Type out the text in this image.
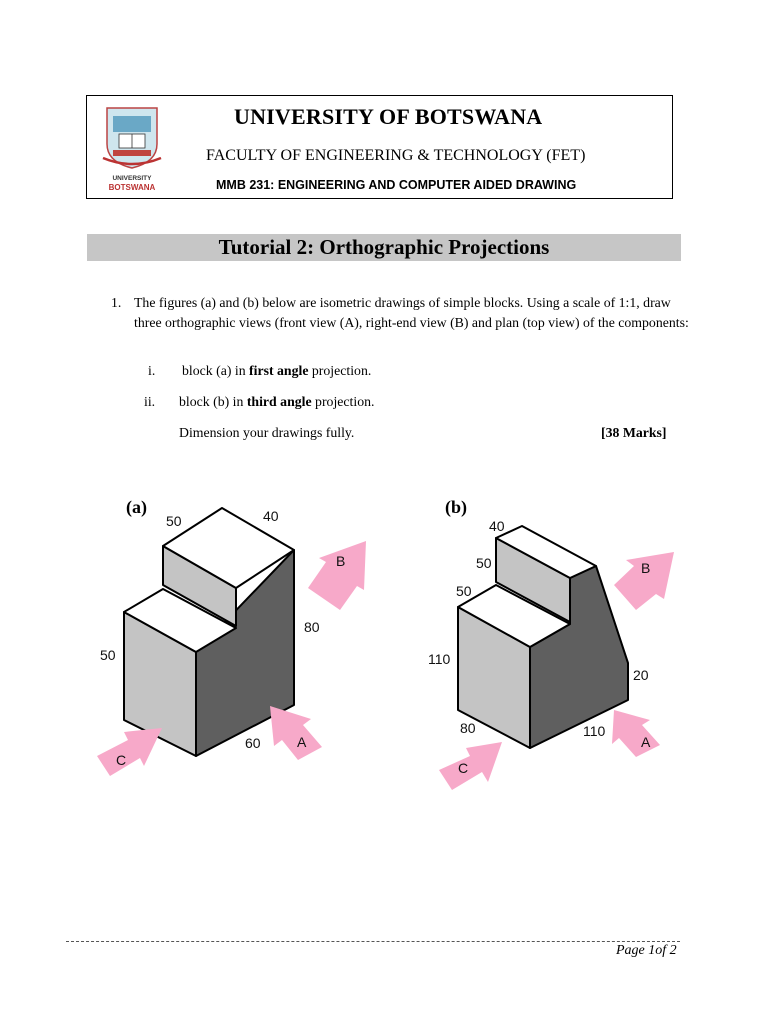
UNIVERSITY
BOTSWANA
UNIVERSITY OF BOTSWANA
FACULTY OF ENGINEERING & TECHNOLOGY (FET)
MMB 231: ENGINEERING AND COMPUTER AIDED DRAWING
Tutorial 2: Orthographic Projections
1. The figures (a) and (b) below are isometric drawings of simple blocks. Using a scale of 1:1, draw three orthographic views (front view (A), right-end view (B) and plan (top view) of the components:
i. block (a) in first angle projection.
ii. block (b) in third angle projection.
Dimension your drawings fully.	[38 Marks]
(a)	(b)
50	40
80
50
60
B
A
C
40
50
50
110
20
80	110
B
A
C
Page 1of 2
